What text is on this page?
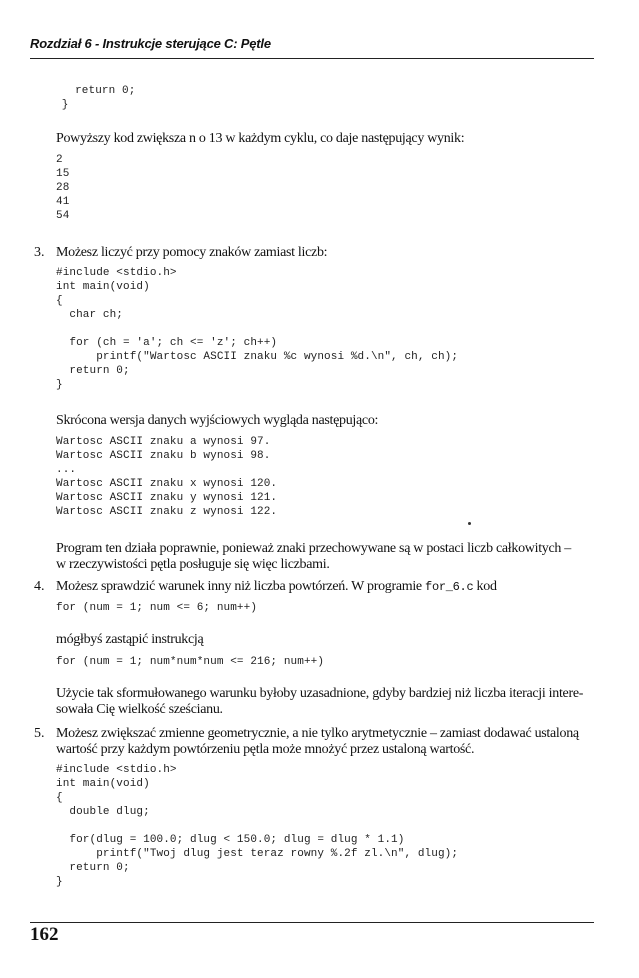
Rozdział 6 - Instrukcje sterujące C: Pętle
return 0;
}
Powyższy kod zwiększa n o 13 w każdym cyklu, co daje następujący wynik:
2
15
28
41
54
3. Możesz liczyć przy pomocy znaków zamiast liczb:
#include <stdio.h>
int main(void)
{
char ch;

for (ch = 'a'; ch <= 'z'; ch++)
printf("Wartosc ASCII znaku %c wynosi %d.\n", ch, ch);
return 0;
}
Skrócona wersja danych wyjściowych wygląda następująco:
Wartosc ASCII znaku a wynosi 97.
Wartosc ASCII znaku b wynosi 98.
...
Wartosc ASCII znaku x wynosi 120.
Wartosc ASCII znaku y wynosi 121.
Wartosc ASCII znaku z wynosi 122.
Program ten działa poprawnie, ponieważ znaki przechowywane są w postaci liczb całkowitych –
w rzeczywistości pętla posługuje się więc liczbami.
4. Możesz sprawdzić warunek inny niż liczba powtórzeń. W programie for_6.c kod
for (num = 1; num <= 6; num++)
mógłbyś zastąpić instrukcją
for (num = 1; num*num*num <= 216; num++)
Użycie tak sformułowanego warunku byłoby uzasadnione, gdyby bardziej niż liczba iteracji intere-
sowała Cię wielkość sześcianu.
5. Możesz zwiększać zmienne geometrycznie, a nie tylko arytmetycznie – zamiast dodawać ustaloną
wartość przy każdym powtórzeniu pętla może mnożyć przez ustaloną wartość.
#include <stdio.h>
int main(void)
{
double dlug;

for(dlug = 100.0; dlug < 150.0; dlug = dlug * 1.1)
printf("Twoj dlug jest teraz rowny %.2f zl.\n", dlug);
return 0;
}
162
